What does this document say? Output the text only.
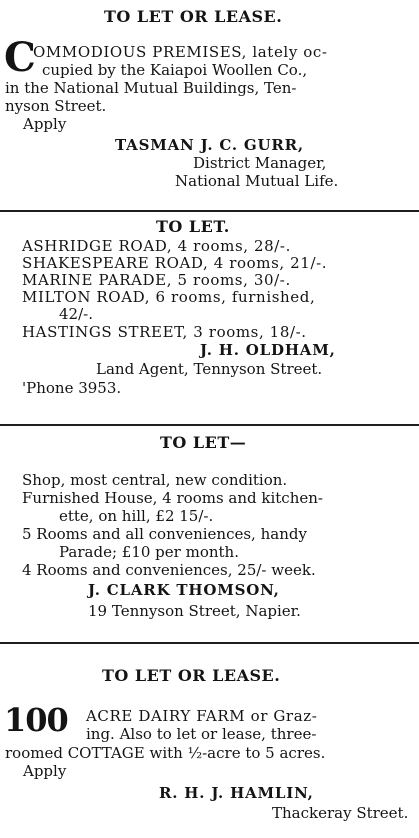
TO LET OR LEASE.
C
OMMODIOUS PREMISES, lately oc-
cupied by the Kaiapoi Woollen Co.,
in the National Mutual Buildings, Ten-
nyson Street.
Apply
TASMAN J. C. GURR,
District Manager,
National Mutual Life.
TO LET.
ASHRIDGE ROAD, 4 rooms, 28/-.
SHAKESPEARE ROAD, 4 rooms, 21/-.
MARINE PARADE, 5 rooms, 30/-.
MILTON ROAD, 6 rooms, furnished,
42/-.
HASTINGS STREET, 3 rooms, 18/-.
J. H. OLDHAM,
Land Agent, Tennyson Street.
'Phone 3953.
TO LET—
Shop, most central, new condition.
Furnished House, 4 rooms and kitchen-
ette, on hill, £2 15/-.
5 Rooms and all conveniences, handy
Parade; £10 per month.
4 Rooms and conveniences, 25/- week.
J. CLARK THOMSON,
19 Tennyson Street, Napier.
TO LET OR LEASE.
100 ACRE DAIRY FARM or Graz-
ing. Also to let or lease, three-
roomed COTTAGE with ½-acre to 5 acres.
Apply
R. H. J. HAMLIN,
Thackeray Street.
